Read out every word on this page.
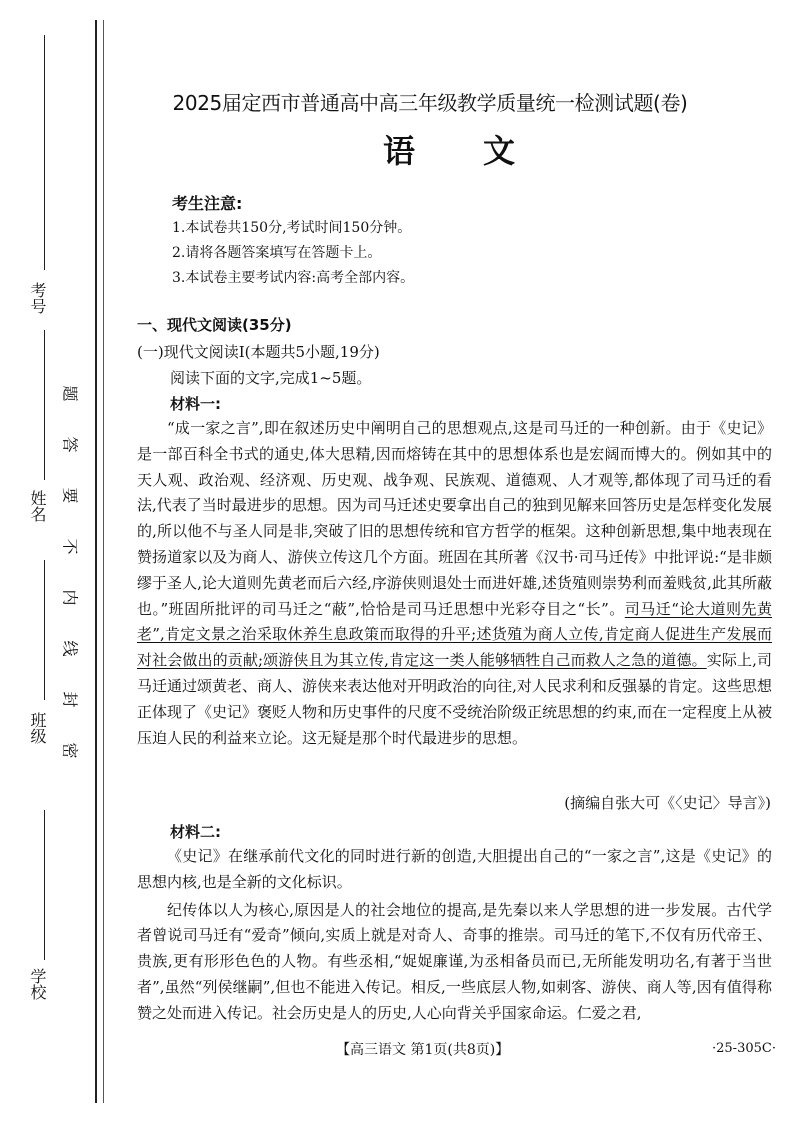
考号
姓名
班级
学校
题
答
要
不
内
线
封
密
2025届定西市普通高中高三年级教学质量统一检测试题(卷)
语文
考生注意:
1.本试卷共150分,考试时间150分钟。
2.请将各题答案填写在答题卡上。
3.本试卷主要考试内容:高考全部内容。
一、现代文阅读(35分)
(一)现代文阅读Ⅰ(本题共5小题,19分)
阅读下面的文字,完成1~5题。
材料一:

“成一家之言”,即在叙述历史中阐明自己的思想观点,这是司马迁的一种创新。由于《史记》是一部百科全书式的通史,体大思精,因而熔铸在其中的思想体系也是宏阔而博大的。例如其中的天人观、政治观、经济观、历史观、战争观、民族观、道德观、人才观等,都体现了司马迁的看法,代表了当时最进步的思想。因为司马迁述史要拿出自己的独到见解来回答历史是怎样变化发展的,所以他不与圣人同是非,突破了旧的思想传统和官方哲学的框架。这种创新思想,集中地表现在赞扬道家以及为商人、游侠立传这几个方面。班固在其所著《汉书·司马迁传》中批评说:“是非颇缪于圣人,论大道则先黄老而后六经,序游侠则退处士而进奸雄,述货殖则崇势利而羞贱贫,此其所蔽也。”班固所批评的司马迁之“蔽”,恰恰是司马迁思想中光彩夺目之“长”。司马迁“论大道则先黄老”,肯定文景之治采取休养生息政策而取得的升平;述货殖为商人立传,肯定商人促进生产发展而对社会做出的贡献;颂游侠且为其立传,肯定这一类人能够牺牲自己而救人之急的道德。实际上,司马迁通过颂黄老、商人、游侠来表达他对开明政治的向往,对人民求利和反强暴的肯定。这些思想正体现了《史记》褒贬人物和历史事件的尺度不受统治阶级正统思想的约束,而在一定程度上从被压迫人民的利益来立论。这无疑是那个时代最进步的思想。

(摘编自张大可《〈史记〉导言》)
材料二:

《史记》在继承前代文化的同时进行新的创造,大胆提出自己的“一家之言”,这是《史记》的思想内核,也是全新的文化标识。

纪传体以人为核心,原因是人的社会地位的提高,是先秦以来人学思想的进一步发展。古代学者曾说司马迁有“爱奇”倾向,实质上就是对奇人、奇事的推崇。司马迁的笔下,不仅有历代帝王、贵族,更有形形色色的人物。有些丞相,“娖娖廉谨,为丞相备员而已,无所能发明功名,有著于当世者”,虽然“列侯继嗣”,但也不能进入传记。相反,一些底层人物,如刺客、游侠、商人等,因有值得称赞之处而进入传记。社会历史是人的历史,人心向背关乎国家命运。仁爱之君,

【高三语文 第1页(共8页)】	·25-305C·
